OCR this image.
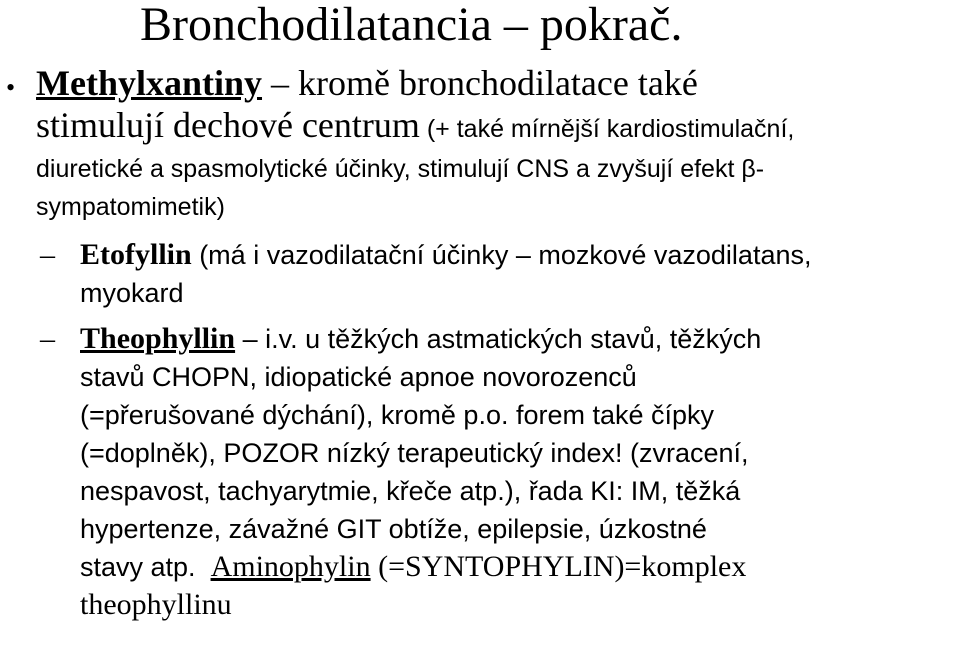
Bronchodilatancia – pokrač.
• Methylxantiny – kromě bronchodilatace také
stimulují dechové centrum (+ také mírnější kardiostimulační,
diuretické a spasmolytické účinky, stimulují CNS a zvyšují efekt β-
sympatomimetik)
– Etofyllin (má i vazodilatační účinky – mozkové vazodilatans,
myokard
– Theophyllin – i.v. u těžkých astmatických stavů, těžkých
stavů CHOPN, idiopatické apnoe novorozenců
(=přerušované dýchání), kromě p.o. forem také čípky
(=doplněk), POZOR nízký terapeutický index! (zvracení,
nespavost, tachyarytmie, křeče atp.), řada KI: IM, těžká
hypertenze, závažné GIT obtíže, epilepsie, úzkostné
stavy atp.  Aminophylin (=SYNTOPHYLIN)=komplex
theophyllinu
